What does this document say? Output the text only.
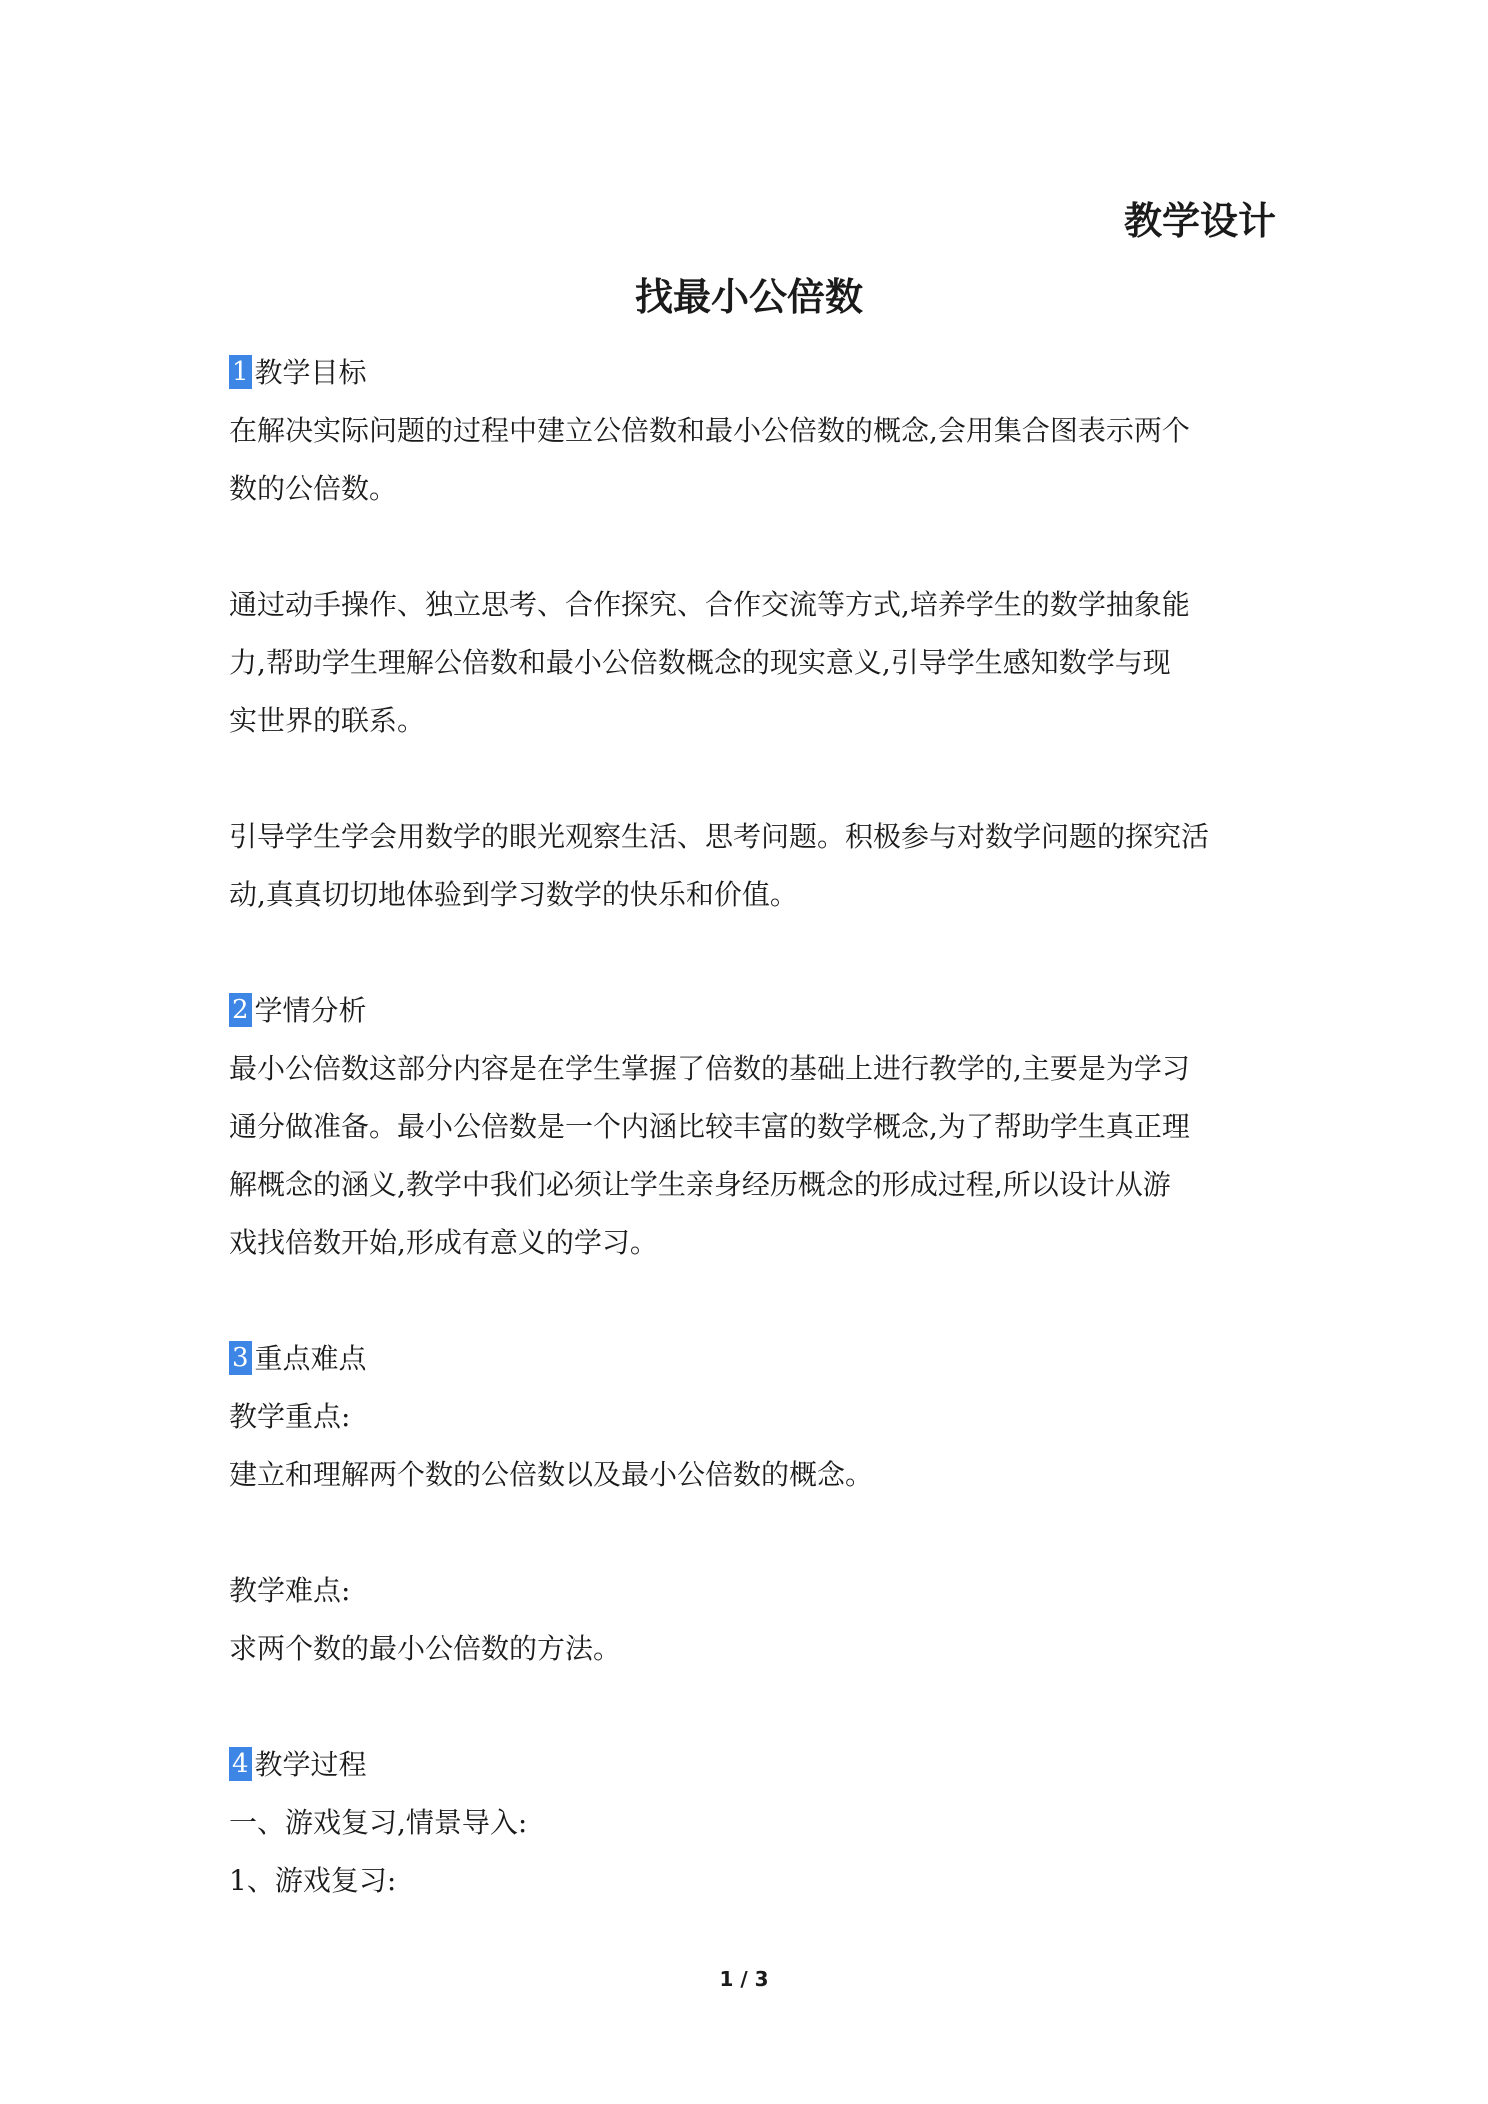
教学设计
找最小公倍数
1 教学目标
在解决实际问题的过程中建立公倍数和最小公倍数的概念,会用集合图表示两个
数的公倍数。
通过动手操作、独立思考、合作探究、合作交流等方式,培养学生的数学抽象能
力,帮助学生理解公倍数和最小公倍数概念的现实意义,引导学生感知数学与现
实世界的联系。
引导学生学会用数学的眼光观察生活、思考问题。积极参与对数学问题的探究活
动,真真切切地体验到学习数学的快乐和价值。
2 学情分析
最小公倍数这部分内容是在学生掌握了倍数的基础上进行教学的,主要是为学习
通分做准备。最小公倍数是一个内涵比较丰富的数学概念,为了帮助学生真正理
解概念的涵义,教学中我们必须让学生亲身经历概念的形成过程,所以设计从游
戏找倍数开始,形成有意义的学习。
3 重点难点
教学重点:
建立和理解两个数的公倍数以及最小公倍数的概念。
教学难点:
求两个数的最小公倍数的方法。
4 教学过程
一、游戏复习,情景导入:
1、游戏复习:
1 / 3
